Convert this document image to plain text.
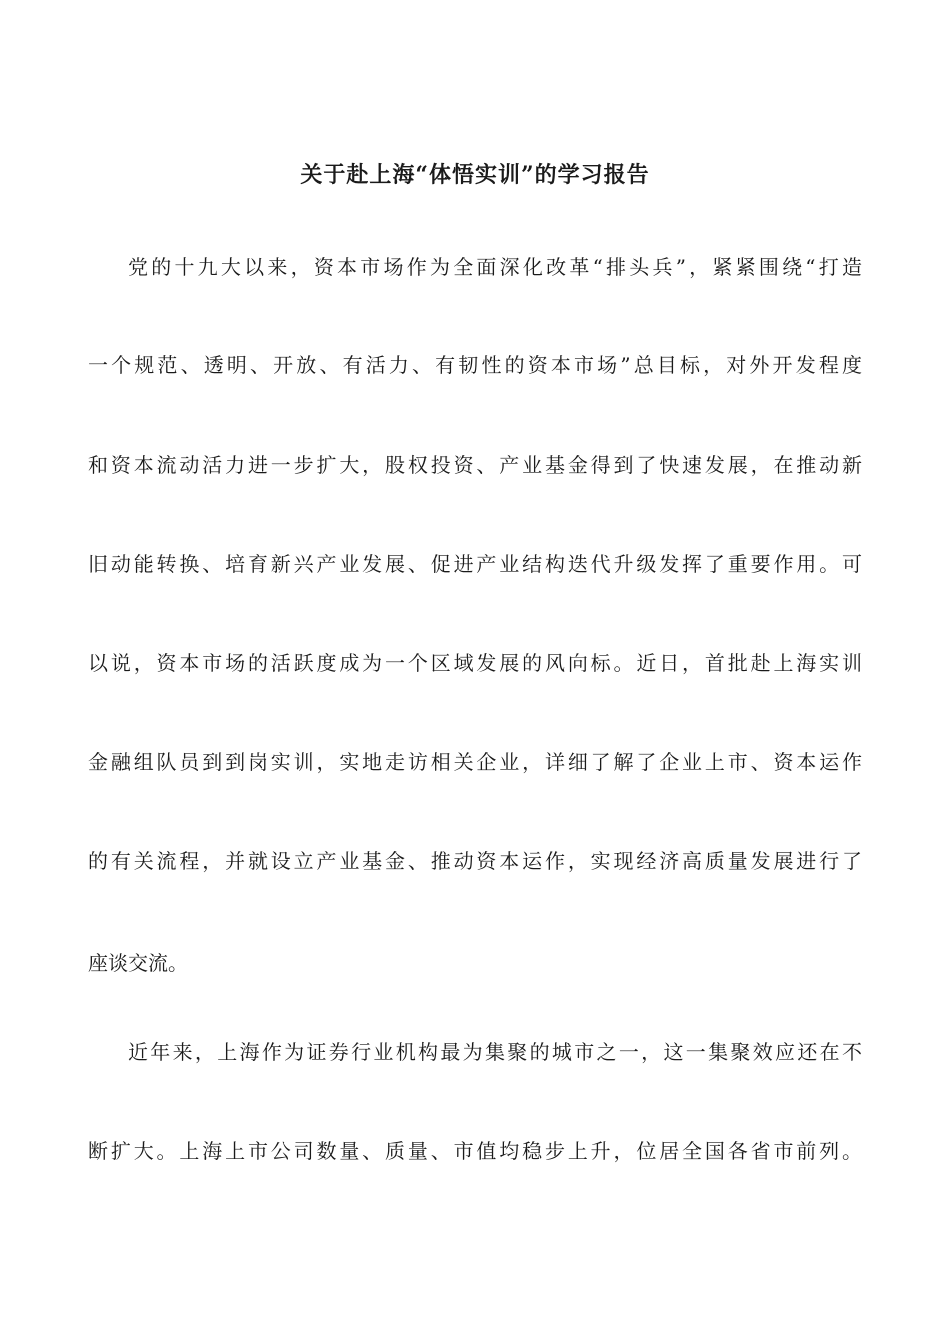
关于赴上海“体悟实训”的学习报告
党的十九大以来，资本市场作为全面深化改革“排头兵”，紧紧围绕“打造
一个规范、透明、开放、有活力、有韧性的资本市场”总目标，对外开发程度
和资本流动活力进一步扩大，股权投资、产业基金得到了快速发展，在推动新
旧动能转换、培育新兴产业发展、促进产业结构迭代升级发挥了重要作用。可
以说，资本市场的活跃度成为一个区域发展的风向标。近日，首批赴上海实训
金融组队员到到岗实训，实地走访相关企业，详细了解了企业上市、资本运作
的有关流程，并就设立产业基金、推动资本运作，实现经济高质量发展进行了
座谈交流。
近年来，上海作为证券行业机构最为集聚的城市之一，这一集聚效应还在不
断扩大。上海上市公司数量、质量、市值均稳步上升，位居全国各省市前列。
